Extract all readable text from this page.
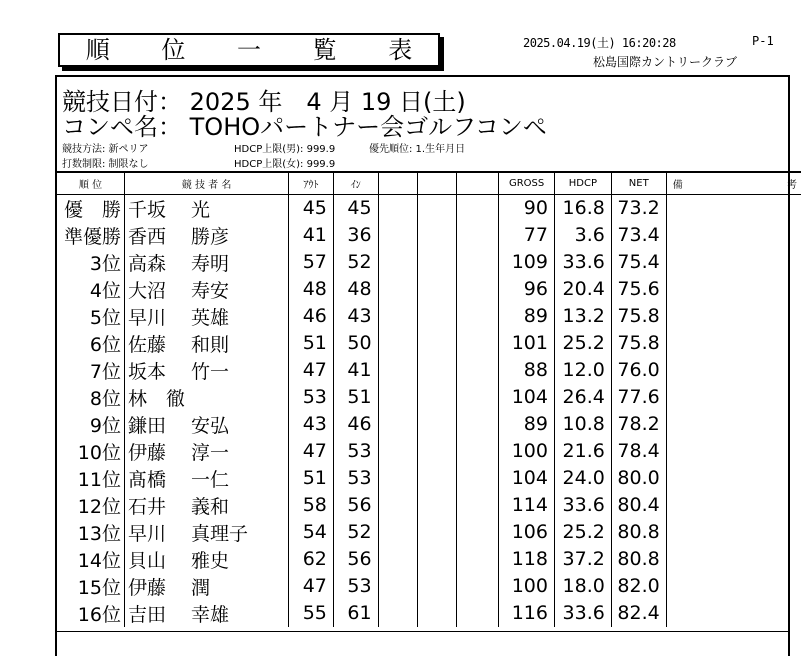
順 位 一 覧 表	2025.04.19(土) 16:20:28	P-1
松島国際カントリークラブ
競技日付： 2025 年　4 月 19 日(土)
コンペ名： TOHOパートナー会ゴルフコンペ
競技方法: 新ペリア
打数制限: 制限なし
HDCP上限(男): 999.9
HDCP上限(女): 999.9
優先順位: 1.生年月日
順 位	競 技 者 名	ｱｳﾄ	ｲﾝ				GROSS	HDCP	NET	備 考

優　勝	千坂　 光	45	45				90	16.8	73.2	
準優勝	香西　 勝彦	41	36				77	3.6	73.4	
3位	高森　 寿明	57	52				109	33.6	75.4	
4位	大沼　 寿安	48	48				96	20.4	75.6	
5位	早川　 英雄	46	43				89	13.2	75.8	
6位	佐藤　 和則	51	50				101	25.2	75.8	
7位	坂本　 竹一	47	41				88	12.0	76.0	
8位	林　徹	53	51				104	26.4	77.6	
9位	鎌田　 安弘	43	46				89	10.8	78.2	
10位	伊藤　 淳一	47	53				100	21.6	78.4	
11位	髙橋　 一仁	51	53				104	24.0	80.0	
12位	石井　 義和	58	56				114	33.6	80.4	
13位	早川　 真理子	54	52				106	25.2	80.8	
14位	貝山　 雅史	62	56				118	37.2	80.8	
15位	伊藤　 潤	47	53				100	18.0	82.0	
16位	吉田　 幸雄	55	61				116	33.6	82.4	
